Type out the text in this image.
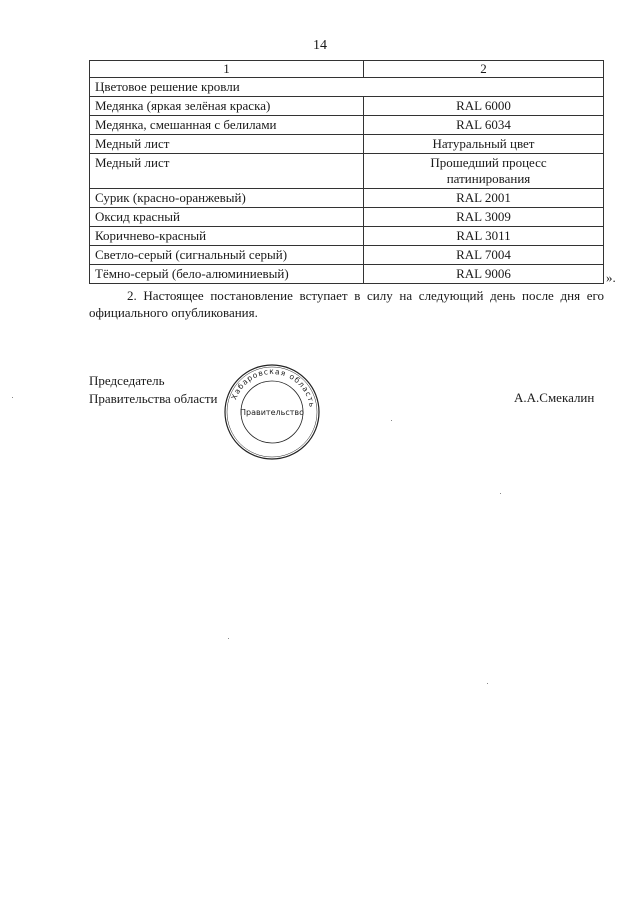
14
1	2
Цветовое решение кровли	
Медянка (яркая зелёная краска)	RAL 6000
Медянка, смешанная с белилами	RAL 6034
Медный лист	Натуральный цвет
Медный лист	Прошедший процесс патинирования
Сурик (красно-оранжевый)	RAL 2001
Оксид красный	RAL 3009
Коричнево-красный	RAL 3011
Светло-серый (сигнальный серый)	RAL 7004
Тёмно-серый (бело-алюминиевый)	RAL 9006	».
2. Настоящее постановление вступает в силу на следующий день после дня его официального опубликования.
Председатель
Правительства области Хабаровская область
Правительство
А.А.Смекалин
